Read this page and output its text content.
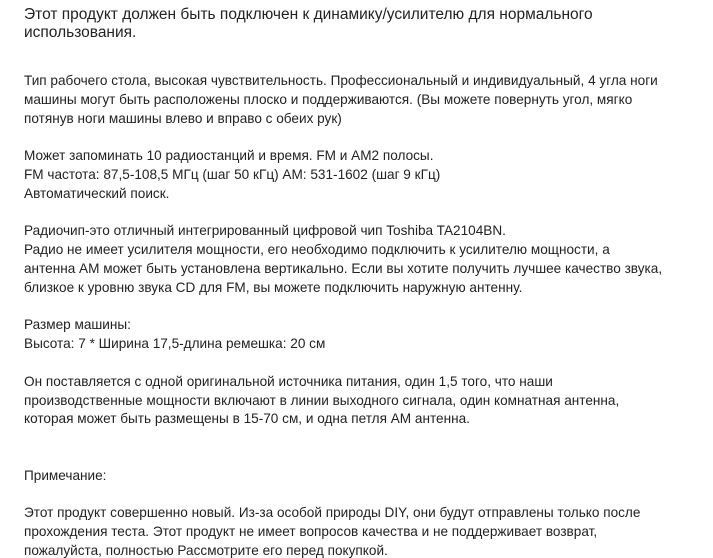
Этот продукт должен быть подключен к динамику/усилителю для нормального
использования.

Тип рабочего стола, высокая чувствительность. Профессиональный и индивидуальный, 4 угла ноги
машины могут быть расположены плоско и поддерживаются. (Вы можете повернуть угол, мягко
потянув ноги машины влево и вправо с обеих рук)

Может запоминать 10 радиостанций и время. FM и AM2 полосы.
FM частота: 87,5-108,5 МГц (шаг 50 кГц) AM: 531-1602 (шаг 9 кГц)
Автоматический поиск.

Радиочип-это отличный интегрированный цифровой чип Toshiba TA2104BN.
Радио не имеет усилителя мощности, его необходимо подключить к усилителю мощности, а
антенна AM может быть установлена вертикально. Если вы хотите получить лучшее качество звука,
близкое к уровню звука CD для FM, вы можете подключить наружную антенну.

Размер машины:
Высота: 7 * Ширина 17,5-длина ремешка: 20 см

Он поставляется с одной оригинальной источника питания, один 1,5 того, что наши
производственные мощности включают в линии выходного сигнала, один комнатная антенна,
которая может быть размещены в 15-70 см, и одна петля AM антенна.

Примечание:

Этот продукт совершенно новый. Из-за особой природы DIY, они будут отправлены только после
прохождения теста. Этот продукт не имеет вопросов качества и не поддерживает возврат,
пожалуйста, полностью Рассмотрите его перед покупкой.
